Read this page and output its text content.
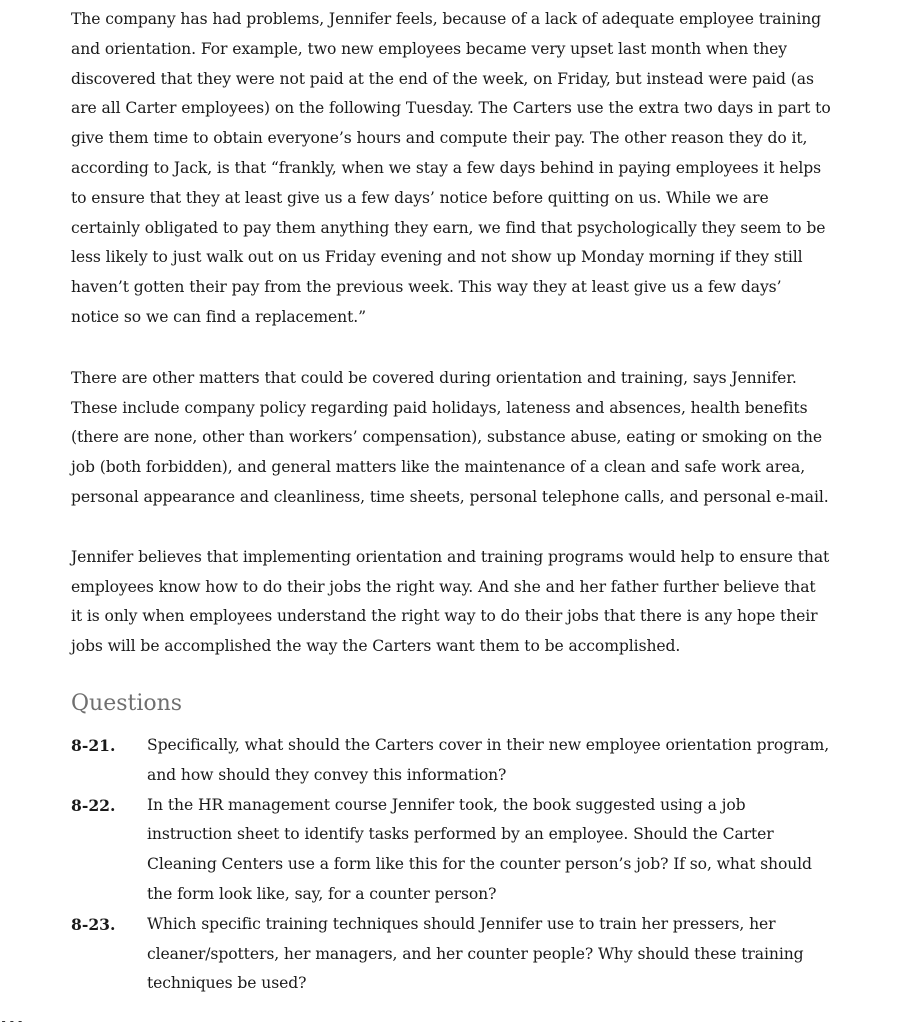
The company has had problems, Jennifer feels, because of a lack of adequate employee training and orientation. For example, two new employees became very upset last month when they discovered that they were not paid at the end of the week, on Friday, but instead were paid (as are all Carter employees) on the following Tuesday. The Carters use the extra two days in part to give them time to obtain everyone’s hours and compute their pay. The other reason they do it, according to Jack, is that “frankly, when we stay a few days behind in paying employees it helps to ensure that they at least give us a few days’ notice before quitting on us. While we are certainly obligated to pay them anything they earn, we find that psychologically they seem to be less likely to just walk out on us Friday evening and not show up Monday morning if they still haven’t gotten their pay from the previous week. This way they at least give us a few days’ notice so we can find a replacement.”

There are other matters that could be covered during orientation and training, says Jennifer. These include company policy regarding paid holidays, lateness and absences, health benefits (there are none, other than workers’ compensation), substance abuse, eating or smoking on the job (both forbidden), and general matters like the maintenance of a clean and safe work area, personal appearance and cleanliness, time sheets, personal telephone calls, and personal e-mail.

Jennifer believes that implementing orientation and training programs would help to ensure that employees know how to do their jobs the right way. And she and her father further believe that it is only when employees understand the right way to do their jobs that there is any hope their jobs will be accomplished the way the Carters want them to be accomplished.

Questions
8-21.	Specifically, what should the Carters cover in their new employee orientation program, and how should they convey this information?
8-22.	In the HR management course Jennifer took, the book suggested using a job instruction sheet to identify tasks performed by an employee. Should the Carter Cleaning Centers use a form like this for the counter person’s job? If so, what should the form look like, say, for a counter person?
8-23.	Which specific training techniques should Jennifer use to train her pressers, her cleaner/spotters, her managers, and her counter people? Why should these training techniques be used?
---
